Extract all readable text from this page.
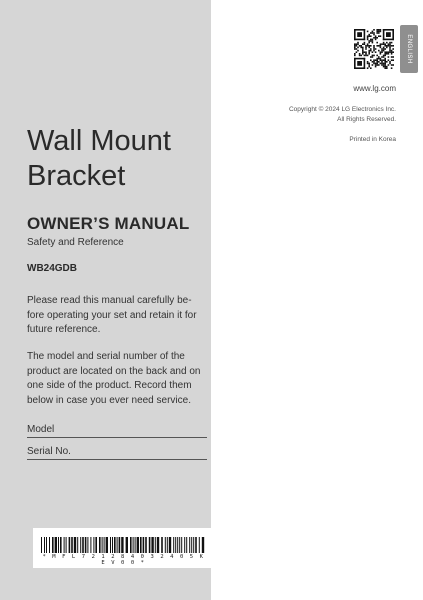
Wall Mount
Bracket
OWNER’S MANUAL
Safety and Reference
WB24GDB

Please read this manual carefully be-fore operating your set and retain it for future reference.

The model and serial number of the product are located on the back and on one side of the product. Record them below in case you ever need service.

Model
Serial No.
* M F L 7 2 1 2 8 4 0 3 2 4 0 5 K E V 0 0 *
ENGLISH
www.lg.com
Copyright © 2024 LG Electronics Inc.
All Rights Reserved.
Printed in Korea
